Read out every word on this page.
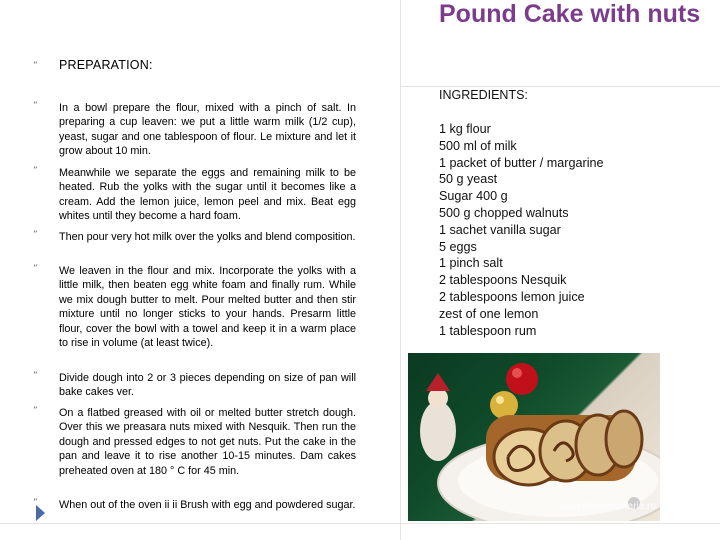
” PREPARATION:
” In a bowl prepare the flour, mixed with a pinch of salt. In preparing a cup leaven: we put a little warm milk (1/2 cup), yeast, sugar and one tablespoon of flour. Le mixture and let it grow about 10 min.
” Meanwhile we separate the eggs and remaining milk to be heated. Rub the yolks with the sugar until it becomes like a cream. Add the lemon juice, lemon peel and mix. Beat egg whites until they become a hard foam.
” Then pour very hot milk over the yolks and blend composition.
” We leaven in the flour and mix. Incorporate the yolks with a little milk, then beaten egg white foam and finally rum. While we mix dough butter to melt. Pour melted butter and then stir mixture until no longer sticks to your hands. Presarm little flour, cover the bowl with a towel and keep it in a warm place to rise in volume (at least twice).
” Divide dough into 2 or 3 pieces depending on size of pan will bake cakes ver.
” On a flatbed greased with oil or melted butter stretch dough. Over this we preasara nuts mixed with Nesquik. Then run the dough and pressed edges to not get nuts. Put the cake in the pan and leave it to rise another 10-15 minutes. Dam cakes preheated oven at 180 ° C for 45 min.
” When out of the oven ii ii Brush with egg and powdered sugar.
Pound Cake with nuts
INGREDIENTS:
1 kg flour
500 ml of milk
1 packet of butter / margarine
50 g yeast
Sugar 400 g
500 g chopped walnuts
1 sachet vanilla sugar
5 eggs
1 pinch salt
2 tablespoons Nesquik
2 tablespoons lemon juice
zest of one lemon
1 tablespoon rum
www.divertiscotarie.ro
